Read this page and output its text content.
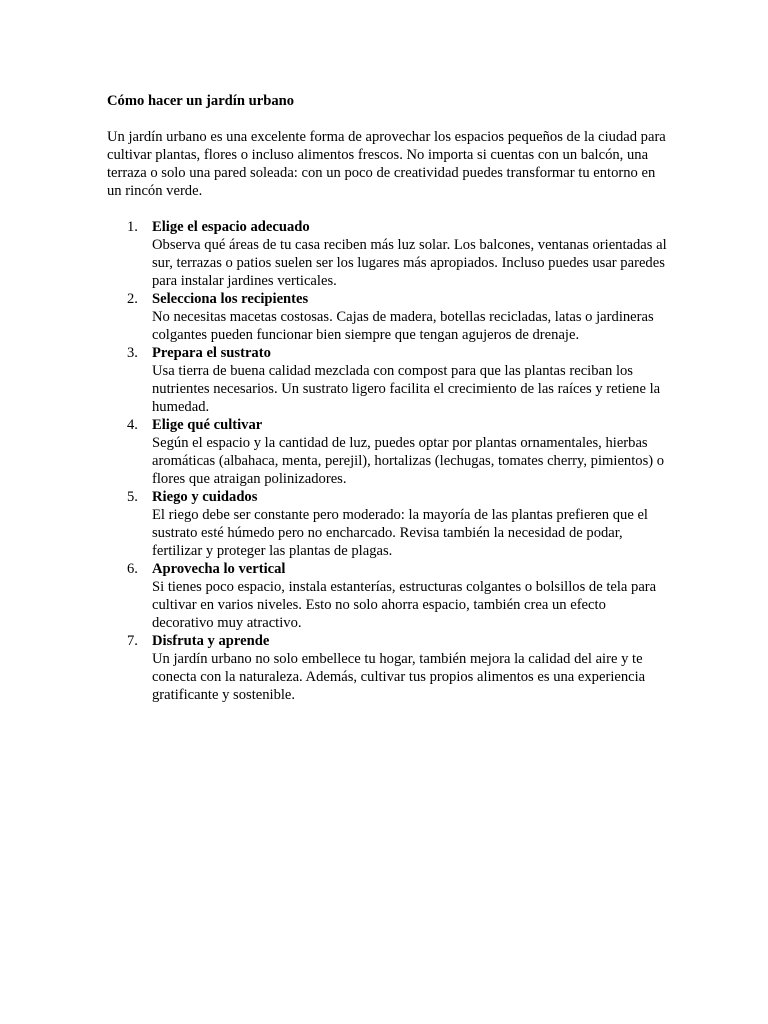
Cómo hacer un jardín urbano

Un jardín urbano es una excelente forma de aprovechar los espacios pequeños de la ciudad para cultivar plantas, flores o incluso alimentos frescos. No importa si cuentas con un balcón, una terraza o solo una pared soleada: con un poco de creatividad puedes transformar tu entorno en un rincón verde.

1. Elige el espacio adecuado
Observa qué áreas de tu casa reciben más luz solar. Los balcones, ventanas orientadas al sur, terrazas o patios suelen ser los lugares más apropiados. Incluso puedes usar paredes para instalar jardines verticales.
2. Selecciona los recipientes
No necesitas macetas costosas. Cajas de madera, botellas recicladas, latas o jardineras colgantes pueden funcionar bien siempre que tengan agujeros de drenaje.
3. Prepara el sustrato
Usa tierra de buena calidad mezclada con compost para que las plantas reciban los nutrientes necesarios. Un sustrato ligero facilita el crecimiento de las raíces y retiene la humedad.
4. Elige qué cultivar
Según el espacio y la cantidad de luz, puedes optar por plantas ornamentales, hierbas aromáticas (albahaca, menta, perejil), hortalizas (lechugas, tomates cherry, pimientos) o flores que atraigan polinizadores.
5. Riego y cuidados
El riego debe ser constante pero moderado: la mayoría de las plantas prefieren que el sustrato esté húmedo pero no encharcado. Revisa también la necesidad de podar, fertilizar y proteger las plantas de plagas.
6. Aprovecha lo vertical
Si tienes poco espacio, instala estanterías, estructuras colgantes o bolsillos de tela para cultivar en varios niveles. Esto no solo ahorra espacio, también crea un efecto decorativo muy atractivo.
7. Disfruta y aprende
Un jardín urbano no solo embellece tu hogar, también mejora la calidad del aire y te conecta con la naturaleza. Además, cultivar tus propios alimentos es una experiencia gratificante y sostenible.
